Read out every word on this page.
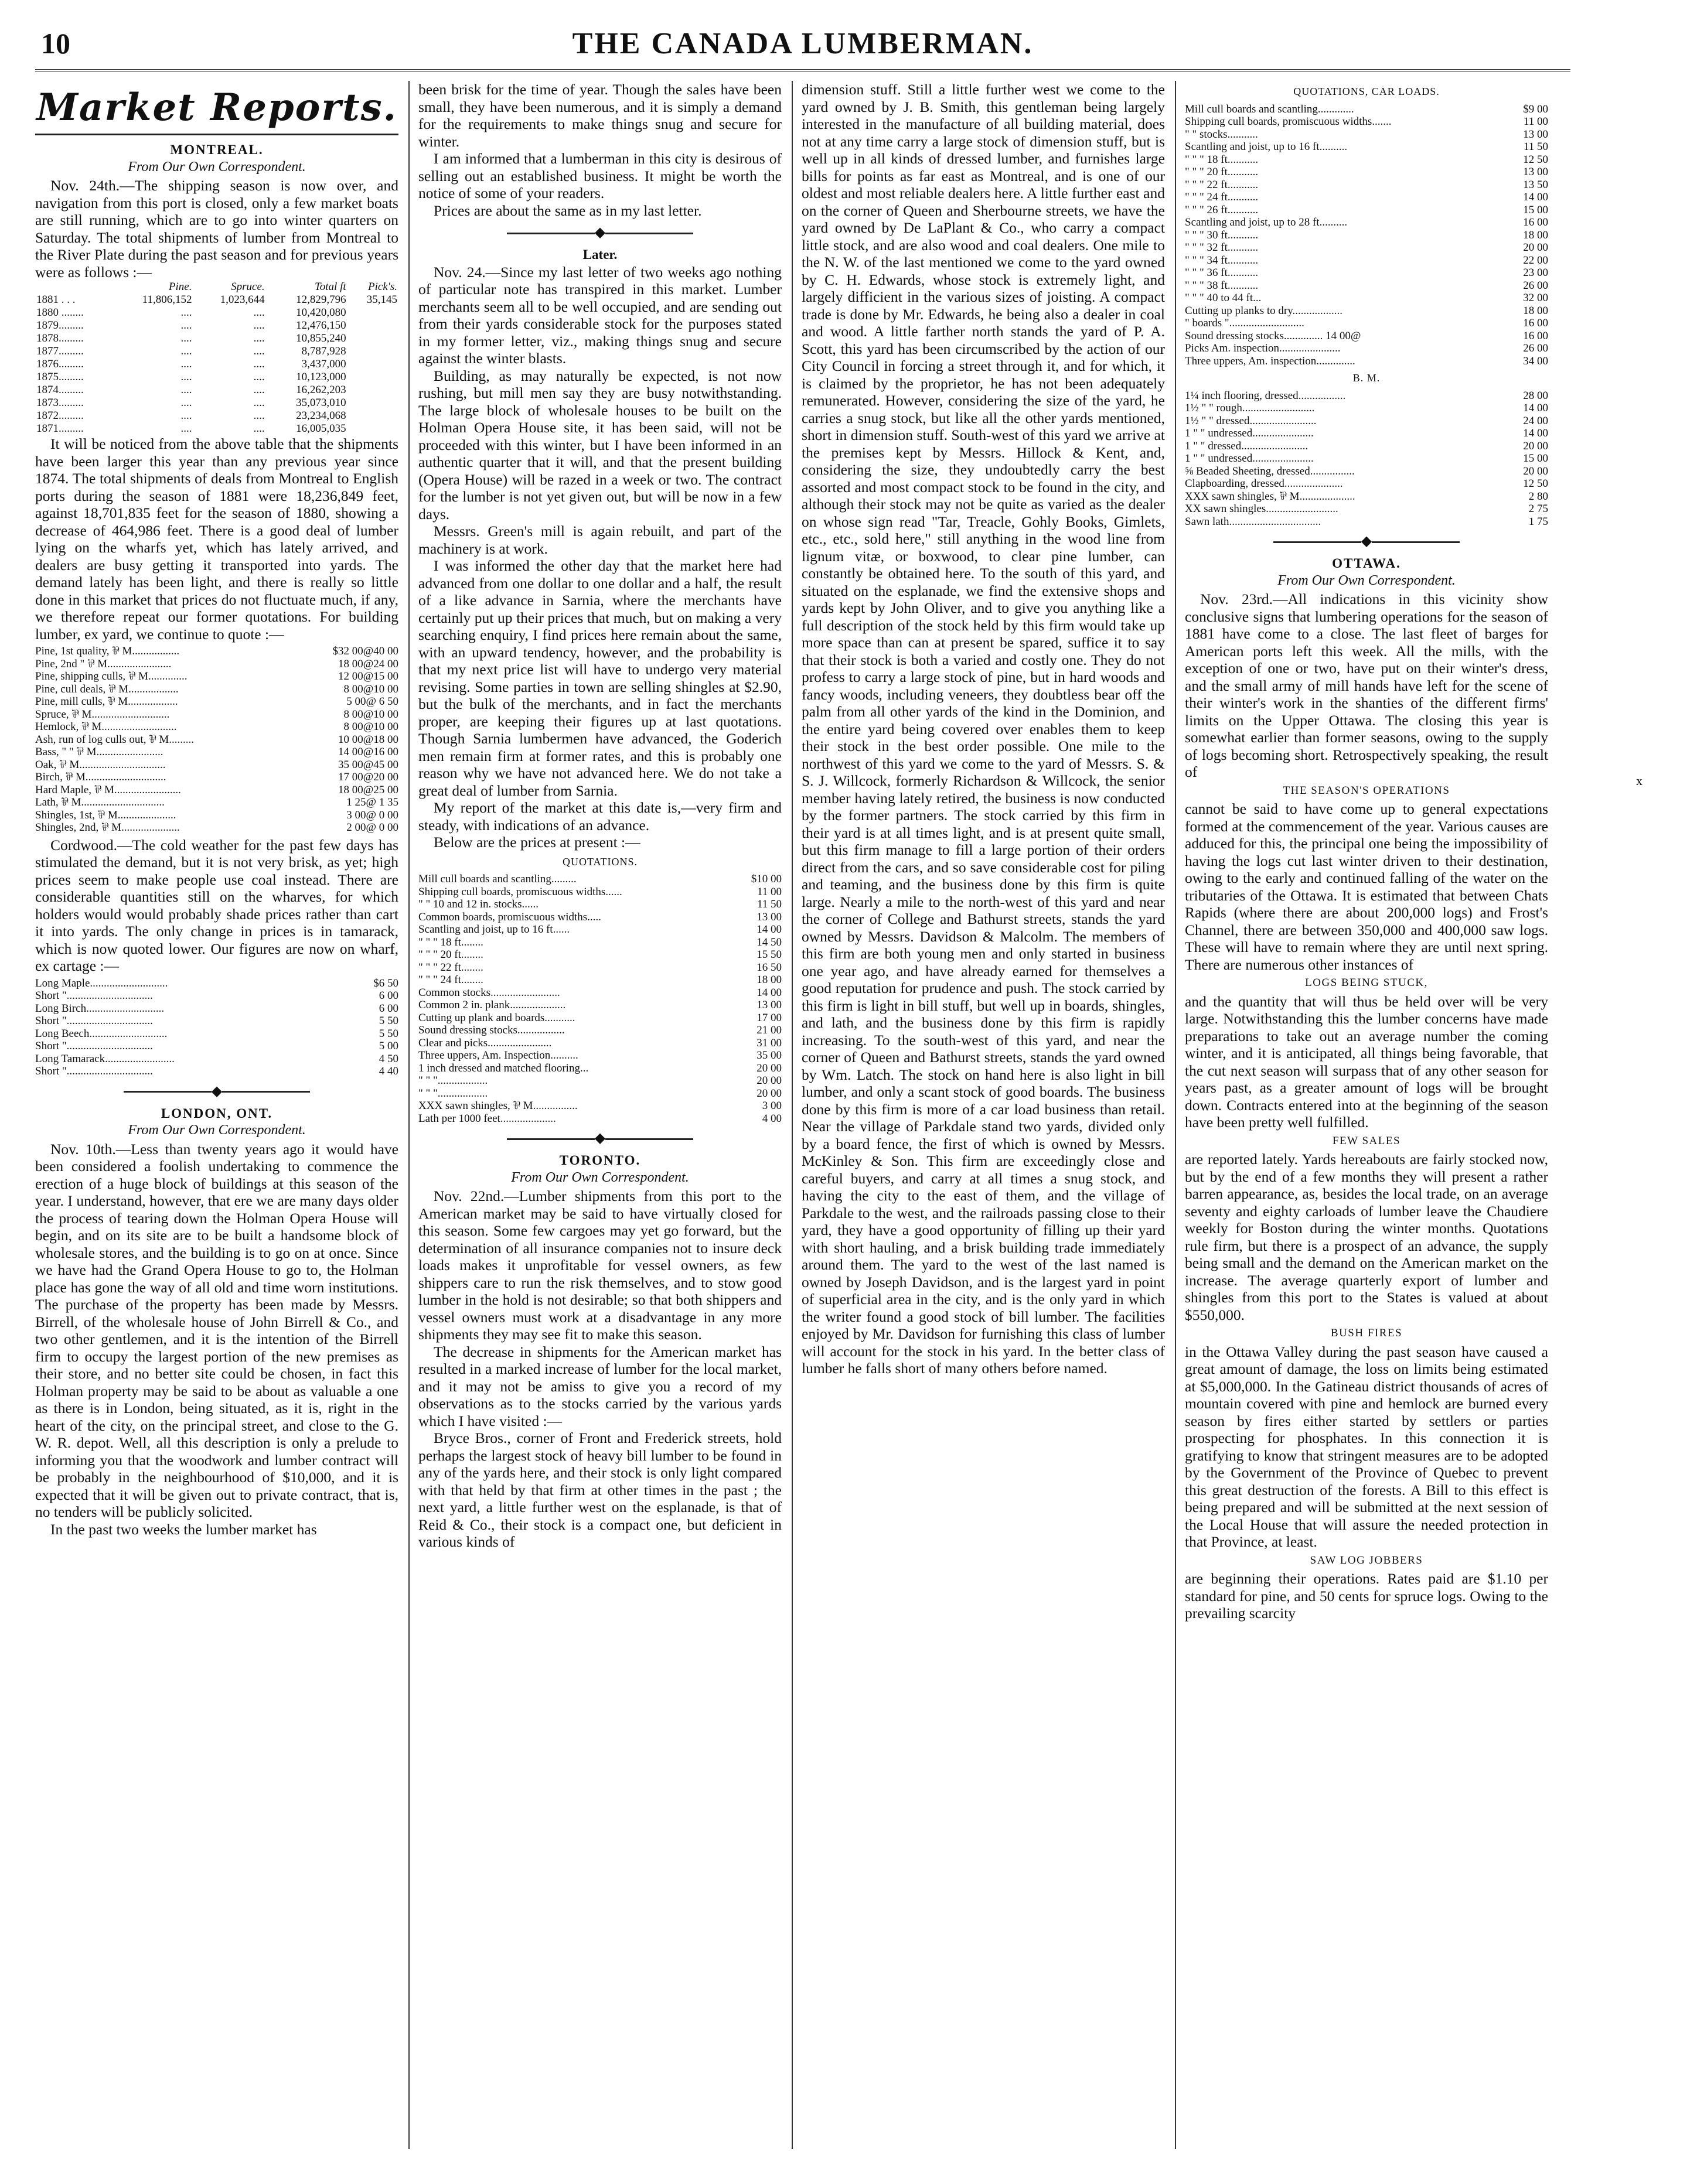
10	THE CANADA LUMBERMAN.
Market Reports.
MONTREAL.
From Our Own Correspondent.

Nov. 24th.—The shipping season is now over, and navigation from this port is closed, only a few market boats are still running, which are to go into winter quarters on Saturday. The total shipments of lumber from Montreal to the River Plate during the past season and for previous years were as follows :—

	Pine.	Spruce.	Total ft	Pick's.
1881 . . .	11,806,152	1,023,644	12,829,796	35,145
1880 ........	....	....	10,420,080	
1879.........	....	....	12,476,150	
1878.........	....	....	10,855,240	
1877.........	....	....	8,787,928	
1876.........	....	....	3,437,000	
1875.........	....	....	10,123,000	
1874.........	....	....	16,262,203	
1873.........	....	....	35,073,010	
1872.........	....	....	23,234,068	
1871.........	....	....	16,005,035	

It will be noticed from the above table that the shipments have been larger this year than any previous year since 1874. The total shipments of deals from Montreal to English ports during the season of 1881 were 18,236,849 feet, against 18,701,835 feet for the season of 1880, showing a decrease of 464,986 feet. There is a good deal of lumber lying on the wharfs yet, which has lately arrived, and dealers are busy getting it transported into yards. The demand lately has been light, and there is really so little done in this market that prices do not fluctuate much, if any, we therefore repeat our former quotations. For building lumber, ex yard, we continue to quote :—

Pine, 1st quality, ⅌ M.................	$32 00@40 00
Pine, 2nd " ⅌ M.......................	18 00@24 00
Pine, shipping culls, ⅌ M..............	12 00@15 00
Pine, cull deals, ⅌ M..................	8 00@10 00
Pine, mill culls, ⅌ M..................	5 00@ 6 50
Spruce, ⅌ M............................	8 00@10 00
Hemlock, ⅌ M...........................	8 00@10 00
Ash, run of log culls out, ⅌ M.........	10 00@18 00
Bass, " " ⅌ M........................	14 00@16 00
Oak, ⅌ M...............................	35 00@45 00
Birch, ⅌ M.............................	17 00@20 00
Hard Maple, ⅌ M........................	18 00@25 00
Lath, ⅌ M..............................	1 25@ 1 35
Shingles, 1st, ⅌ M.....................	3 00@ 0 00
Shingles, 2nd, ⅌ M.....................	2 00@ 0 00

Cordwood.—The cold weather for the past few days has stimulated the demand, but it is not very brisk, as yet; high prices seem to make people use coal instead. There are considerable quantities still on the wharves, for which holders would would probably shade prices rather than cart it into yards. The only change in prices is in tamarack, which is now quoted lower. Our figures are now on wharf, ex cartage :—

Long Maple............................	$6 50
Short "...............................	6 00
Long Birch............................	6 00
Short "...............................	5 50
Long Beech............................	5 50
Short "...............................	5 00
Long Tamarack.........................	4 50
Short "...............................	4 40
◆
LONDON, ONT.
From Our Own Correspondent.

Nov. 10th.—Less than twenty years ago it would have been considered a foolish undertaking to commence the erection of a huge block of buildings at this season of the year. I understand, however, that ere we are many days older the process of tearing down the Holman Opera House will begin, and on its site are to be built a handsome block of wholesale stores, and the building is to go on at once. Since we have had the Grand Opera House to go to, the Holman place has gone the way of all old and time worn institutions. The purchase of the property has been made by Messrs. Birrell, of the wholesale house of John Birrell & Co., and two other gentlemen, and it is the intention of the Birrell firm to occupy the largest portion of the new premises as their store, and no better site could be chosen, in fact this Holman property may be said to be about as valuable a one as there is in London, being situated, as it is, right in the heart of the city, on the principal street, and close to the G. W. R. depot. Well, all this description is only a prelude to informing you that the woodwork and lumber contract will be probably in the neighbourhood of $10,000, and it is expected that it will be given out to private contract, that is, no tenders will be publicly solicited.

In the past two weeks the lumber market has

been brisk for the time of year. Though the sales have been small, they have been numerous, and it is simply a demand for the requirements to make things snug and secure for winter.

I am informed that a lumberman in this city is desirous of selling out an established business. It might be worth the notice of some of your readers.

Prices are about the same as in my last letter.

◆
Later.

Nov. 24.—Since my last letter of two weeks ago nothing of particular note has transpired in this market. Lumber merchants seem all to be well occupied, and are sending out from their yards considerable stock for the purposes stated in my former letter, viz., making things snug and secure against the winter blasts.

Building, as may naturally be expected, is not now rushing, but mill men say they are busy notwithstanding. The large block of wholesale houses to be built on the Holman Opera House site, it has been said, will not be proceeded with this winter, but I have been informed in an authentic quarter that it will, and that the present building (Opera House) will be razed in a week or two. The contract for the lumber is not yet given out, but will be now in a few days.

Messrs. Green's mill is again rebuilt, and part of the machinery is at work.

I was informed the other day that the market here had advanced from one dollar to one dollar and a half, the result of a like advance in Sarnia, where the merchants have certainly put up their prices that much, but on making a very searching enquiry, I find prices here remain about the same, with an upward tendency, however, and the probability is that my next price list will have to undergo very material revising. Some parties in town are selling shingles at $2.90, but the bulk of the merchants, and in fact the merchants proper, are keeping their figures up at last quotations. Though Sarnia lumbermen have advanced, the Goderich men remain firm at former rates, and this is probably one reason why we have not advanced here. We do not take a great deal of lumber from Sarnia.

My report of the market at this date is,—very firm and steady, with indications of an advance.

Below are the prices at present :—

QUOTATIONS.
Mill cull boards and scantling.........	$10 00
Shipping cull boards, promiscuous widths......	11 00
" " 10 and 12 in. stocks......	11 50
Common boards, promiscuous widths.....	13 00
Scantling and joist, up to 16 ft......	14 00
" " " 18 ft........	14 50
" " " 20 ft........	15 50
" " " 22 ft........	16 50
" " " 24 ft........	18 00
Common stocks.........................	14 00
Common 2 in. plank....................	13 00
Cutting up plank and boards...........	17 00
Sound dressing stocks.................	21 00
Clear and picks.......................	31 00
Three uppers, Am. Inspection..........	35 00
1 inch dressed and matched flooring...	20 00
" " "..................	20 00
" " "..................	20 00
XXX sawn shingles, ⅌ M................	3 00
Lath per 1000 feet....................	4 00
◆
TORONTO.
From Our Own Correspondent.

Nov. 22nd.—Lumber shipments from this port to the American market may be said to have virtually closed for this season. Some few cargoes may yet go forward, but the determination of all insurance companies not to insure deck loads makes it unprofitable for vessel owners, as few shippers care to run the risk themselves, and to stow good lumber in the hold is not desirable; so that both shippers and vessel owners must work at a disadvantage in any more shipments they may see fit to make this season.

The decrease in shipments for the American market has resulted in a marked increase of lumber for the local market, and it may not be amiss to give you a record of my observations as to the stocks carried by the various yards which I have visited :—

Bryce Bros., corner of Front and Frederick streets, hold perhaps the largest stock of heavy bill lumber to be found in any of the yards here, and their stock is only light compared with that held by that firm at other times in the past ; the next yard, a little further west on the esplanade, is that of Reid & Co., their stock is a compact one, but deficient in various kinds of

dimension stuff. Still a little further west we come to the yard owned by J. B. Smith, this gentleman being largely interested in the manufacture of all building material, does not at any time carry a large stock of dimension stuff, but is well up in all kinds of dressed lumber, and furnishes large bills for points as far east as Montreal, and is one of our oldest and most reliable dealers here. A little further east and on the corner of Queen and Sherbourne streets, we have the yard owned by De LaPlant & Co., who carry a compact little stock, and are also wood and coal dealers. One mile to the N. W. of the last mentioned we come to the yard owned by C. H. Edwards, whose stock is extremely light, and largely difficient in the various sizes of joisting. A compact trade is done by Mr. Edwards, he being also a dealer in coal and wood. A little farther north stands the yard of P. A. Scott, this yard has been circumscribed by the action of our City Council in forcing a street through it, and for which, it is claimed by the proprietor, he has not been adequately remunerated. However, considering the size of the yard, he carries a snug stock, but like all the other yards mentioned, short in dimension stuff. South-west of this yard we arrive at the premises kept by Messrs. Hillock & Kent, and, considering the size, they undoubtedly carry the best assorted and most compact stock to be found in the city, and although their stock may not be quite as varied as the dealer on whose sign read "Tar, Treacle, Gohly Books, Gimlets, etc., etc., sold here," still anything in the wood line from lignum vitæ, or boxwood, to clear pine lumber, can constantly be obtained here. To the south of this yard, and situated on the esplanade, we find the extensive shops and yards kept by John Oliver, and to give you anything like a full description of the stock held by this firm would take up more space than can at present be spared, suffice it to say that their stock is both a varied and costly one. They do not profess to carry a large stock of pine, but in hard woods and fancy woods, including veneers, they doubtless bear off the palm from all other yards of the kind in the Dominion, and the entire yard being covered over enables them to keep their stock in the best order possible. One mile to the northwest of this yard we come to the yard of Messrs. S. & S. J. Willcock, formerly Richardson & Willcock, the senior member having lately retired, the business is now conducted by the former partners. The stock carried by this firm in their yard is at all times light, and is at present quite small, but this firm manage to fill a large portion of their orders direct from the cars, and so save considerable cost for piling and teaming, and the business done by this firm is quite large. Nearly a mile to the north-west of this yard and near the corner of College and Bathurst streets, stands the yard owned by Messrs. Davidson & Malcolm. The members of this firm are both young men and only started in business one year ago, and have already earned for themselves a good reputation for prudence and push. The stock carried by this firm is light in bill stuff, but well up in boards, shingles, and lath, and the business done by this firm is rapidly increasing. To the south-west of this yard, and near the corner of Queen and Bathurst streets, stands the yard owned by Wm. Latch. The stock on hand here is also light in bill lumber, and only a scant stock of good boards. The business done by this firm is more of a car load business than retail. Near the village of Parkdale stand two yards, divided only by a board fence, the first of which is owned by Messrs. McKinley & Son. This firm are exceedingly close and careful buyers, and carry at all times a snug stock, and having the city to the east of them, and the village of Parkdale to the west, and the railroads passing close to their yard, they have a good opportunity of filling up their yard with short hauling, and a brisk building trade immediately around them. The yard to the west of the last named is owned by Joseph Davidson, and is the largest yard in point of superficial area in the city, and is the only yard in which the writer found a good stock of bill lumber. The facilities enjoyed by Mr. Davidson for furnishing this class of lumber will account for the stock in his yard. In the better class of lumber he falls short of many others before named.

QUOTATIONS, CAR LOADS.
Mill cull boards and scantling.............	$9 00
Shipping cull boards, promiscuous widths.......	11 00
" " stocks...........	13 00
Scantling and joist, up to 16 ft..........	11 50
" " " 18 ft...........	12 50
" " " 20 ft...........	13 00
" " " 22 ft...........	13 50
" " " 24 ft...........	14 00
" " " 26 ft...........	15 00
Scantling and joist, up to 28 ft..........	16 00
" " " 30 ft...........	18 00
" " " 32 ft...........	20 00
" " " 34 ft...........	22 00
" " " 36 ft...........	23 00
" " " 38 ft...........	26 00
" " " 40 to 44 ft...	32 00
Cutting up planks to dry..................	18 00
" boards "...........................	16 00
Sound dressing stocks.............. 14 00@	16 00
Picks Am. inspection......................	26 00
Three uppers, Am. inspection..............	34 00
B. M.
1¼ inch flooring, dressed.................	28 00
1½ " " rough..........................	14 00
1½ " " dressed........................	24 00
1 " " undressed......................	14 00
1 " " dressed........................	20 00
1 " " undressed......................	15 00
⅝ Beaded Sheeting, dressed................	20 00
Clapboarding, dressed.....................	12 50
XXX sawn shingles, ⅌ M....................	2 80
XX sawn shingles..........................	2 75
Sawn lath.................................	1 75
◆
OTTAWA.
From Our Own Correspondent.

Nov. 23rd.—All indications in this vicinity show conclusive signs that lumbering operations for the season of 1881 have come to a close. The last fleet of barges for American ports left this week. All the mills, with the exception of one or two, have put on their winter's dress, and the small army of mill hands have left for the scene of their winter's work in the shanties of the different firms' limits on the Upper Ottawa. The closing this year is somewhat earlier than former seasons, owing to the supply of logs becoming short. Retrospectively speaking, the result of

THE SEASON'S OPERATIONS

cannot be said to have come up to general expectations formed at the commencement of the year. Various causes are adduced for this, the principal one being the impossibility of having the logs cut last winter driven to their destination, owing to the early and continued falling of the water on the tributaries of the Ottawa. It is estimated that between Chats Rapids (where there are about 200,000 logs) and Frost's Channel, there are between 350,000 and 400,000 saw logs. These will have to remain where they are until next spring. There are numerous other instances of

LOGS BEING STUCK,

and the quantity that will thus be held over will be very large. Notwithstanding this the lumber concerns have made preparations to take out an average number the coming winter, and it is anticipated, all things being favorable, that the cut next season will surpass that of any other season for years past, as a greater amount of logs will be brought down. Contracts entered into at the beginning of the season have been pretty well fulfilled.

FEW SALES

are reported lately. Yards hereabouts are fairly stocked now, but by the end of a few months they will present a rather barren appearance, as, besides the local trade, on an average seventy and eighty carloads of lumber leave the Chaudiere weekly for Boston during the winter months. Quotations rule firm, but there is a prospect of an advance, the supply being small and the demand on the American market on the increase. The average quarterly export of lumber and shingles from this port to the States is valued at about $550,000.

BUSH FIRES

in the Ottawa Valley during the past season have caused a great amount of damage, the loss on limits being estimated at $5,000,000. In the Gatineau district thousands of acres of mountain covered with pine and hemlock are burned every season by fires either started by settlers or parties prospecting for phosphates. In this connection it is gratifying to know that stringent measures are to be adopted by the Government of the Province of Quebec to prevent this great destruction of the forests. A Bill to this effect is being prepared and will be submitted at the next session of the Local House that will assure the needed protection in that Province, at least.

SAW LOG JOBBERS

are beginning their operations. Rates paid are $1.10 per standard for pine, and 50 cents for spruce logs. Owing to the prevailing scarcity

x
